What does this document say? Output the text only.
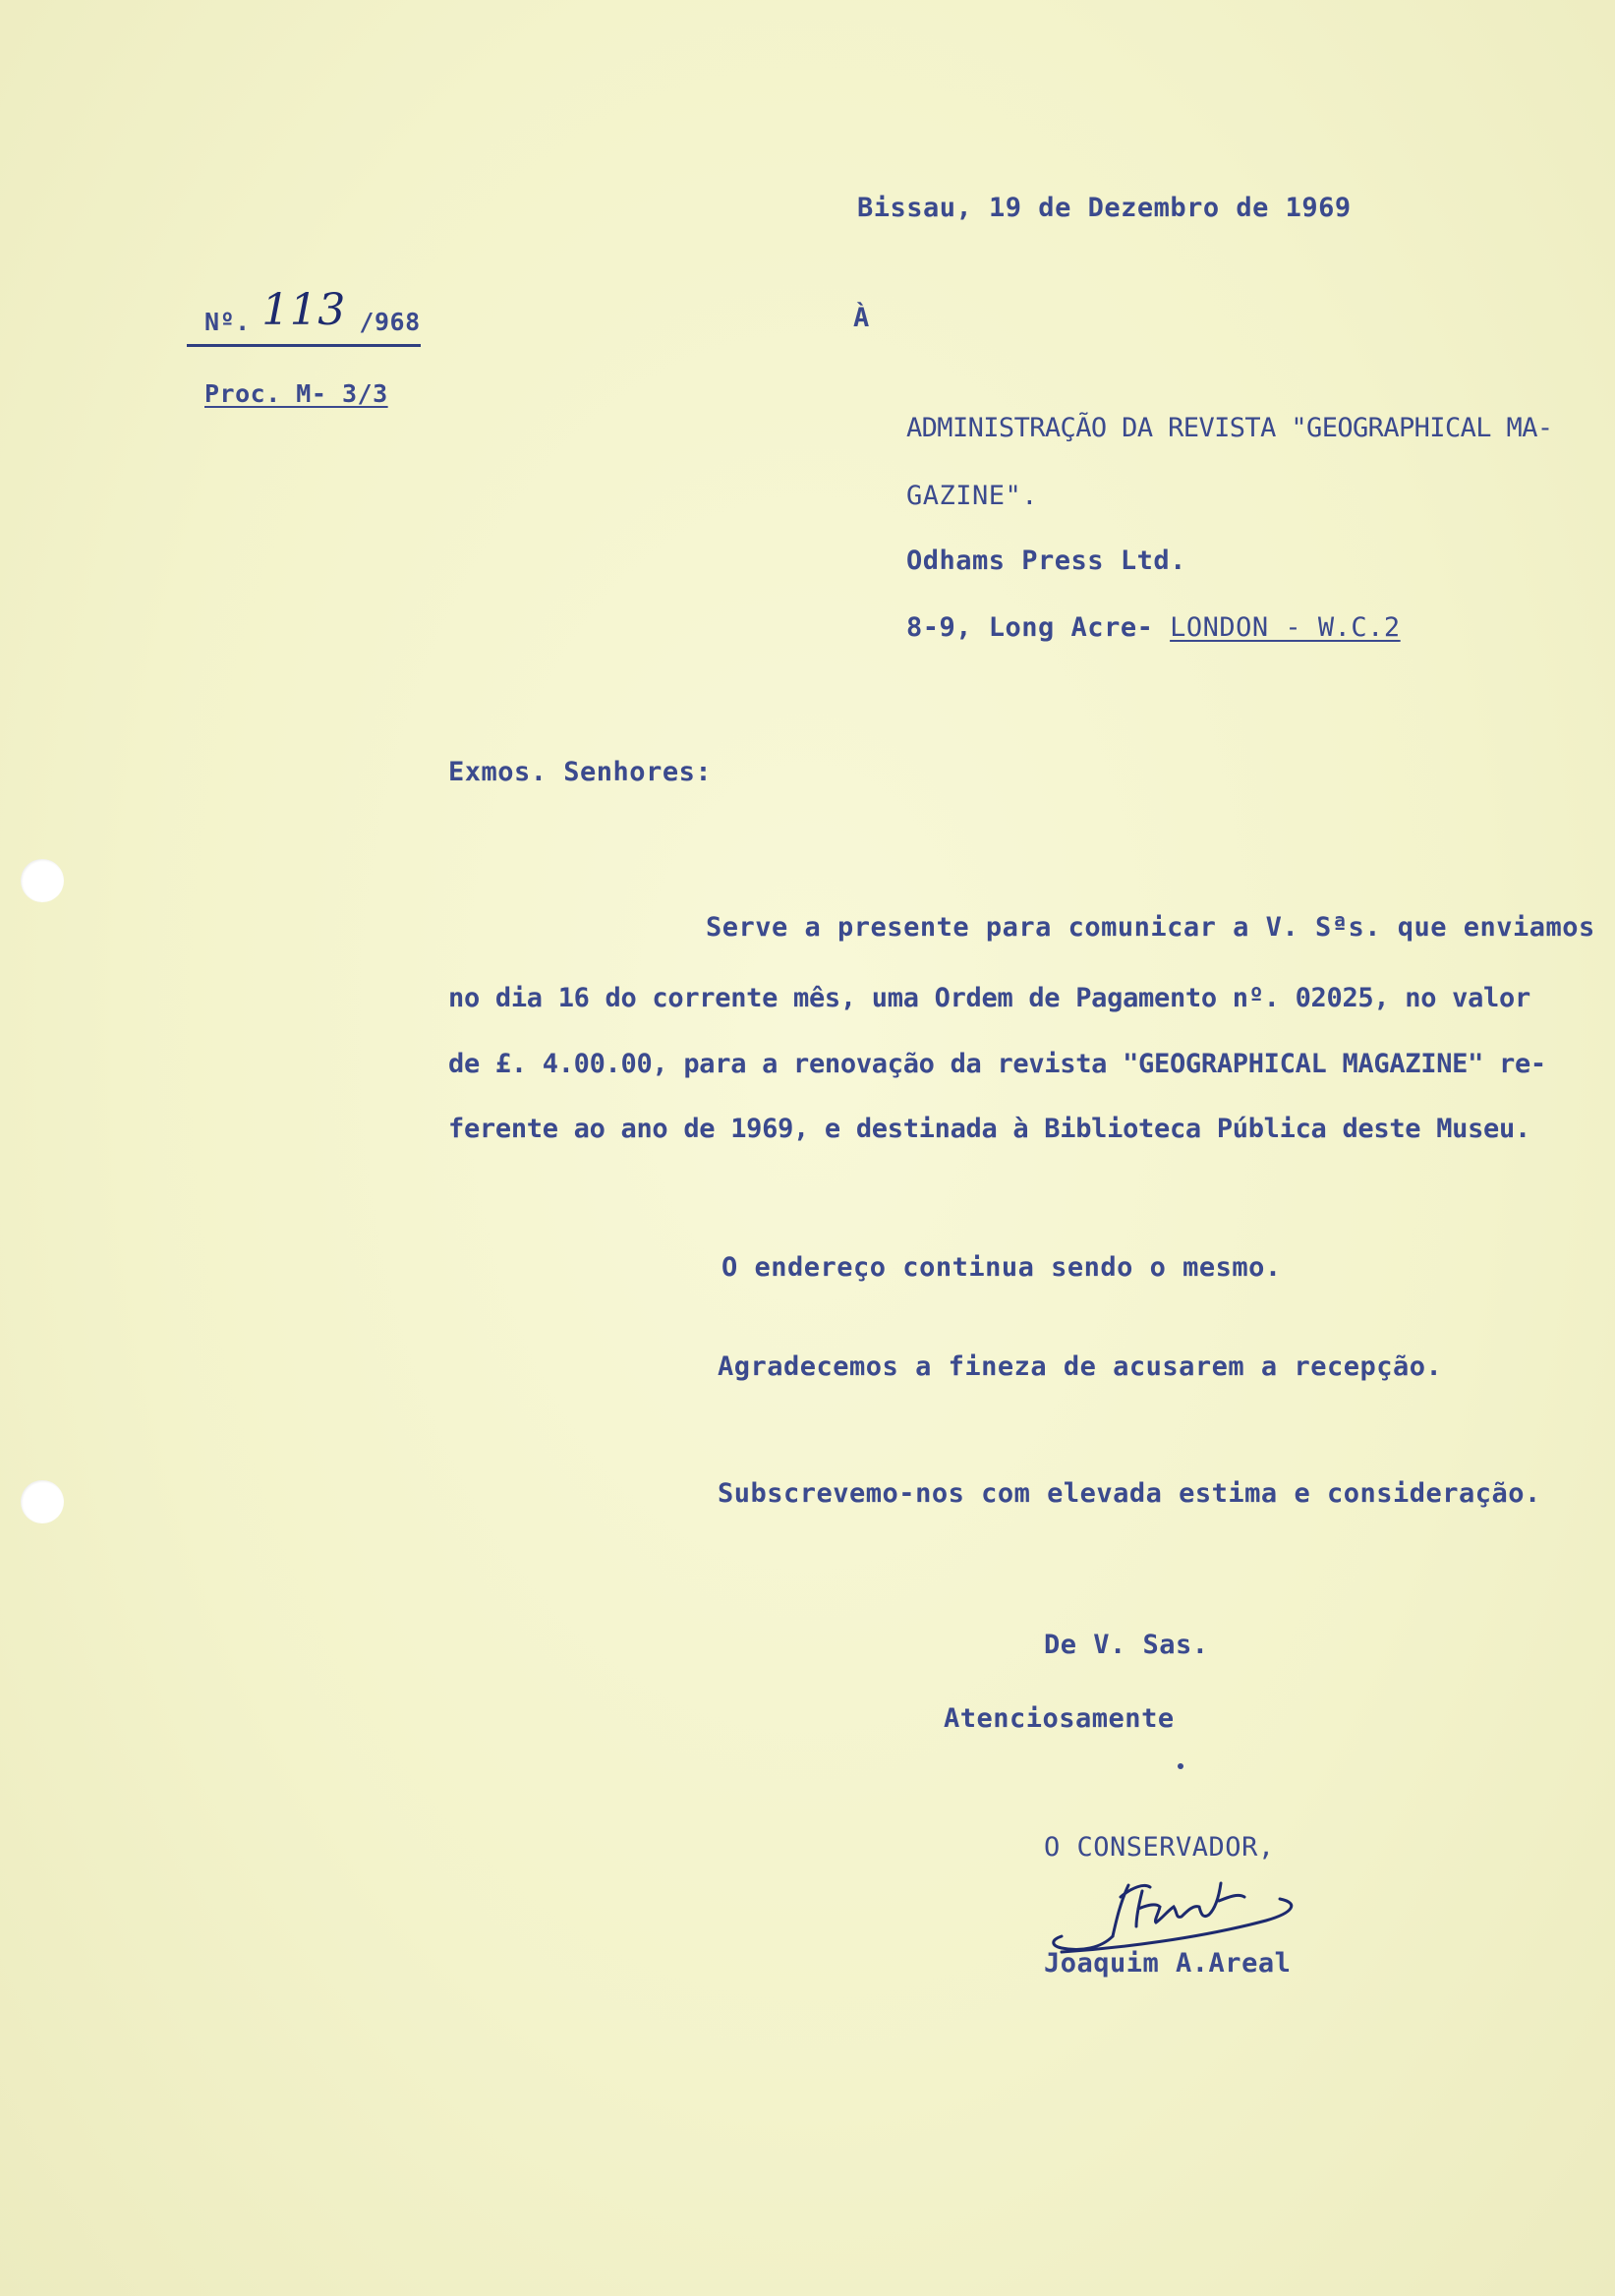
Bissau, 19 de Dezembro de 1969
Nº. 113 /968	À
Proc. M- 3/3
ADMINISTRAÇÃO DA REVISTA "GEOGRAPHICAL MA-
GAZINE".
Odhams Press Ltd.
8-9, Long Acre- LONDON - W.C.2
Exmos. Senhores:
Serve a presente para comunicar a V. Sªs. que enviamos
no dia 16 do corrente mês, uma Ordem de Pagamento nº. 02025, no valor
de £. 4.00.00, para a renovação da revista "GEOGRAPHICAL MAGAZINE" re-
ferente ao ano de 1969, e destinada à Biblioteca Pública deste Museu.
O endereço continua sendo o mesmo.
Agradecemos a fineza de acusarem a recepção.
Subscrevemo-nos com elevada estima e consideração.
De V. Sas.
Atenciosamente
O CONSERVADOR,
Joaquim A.Areal
